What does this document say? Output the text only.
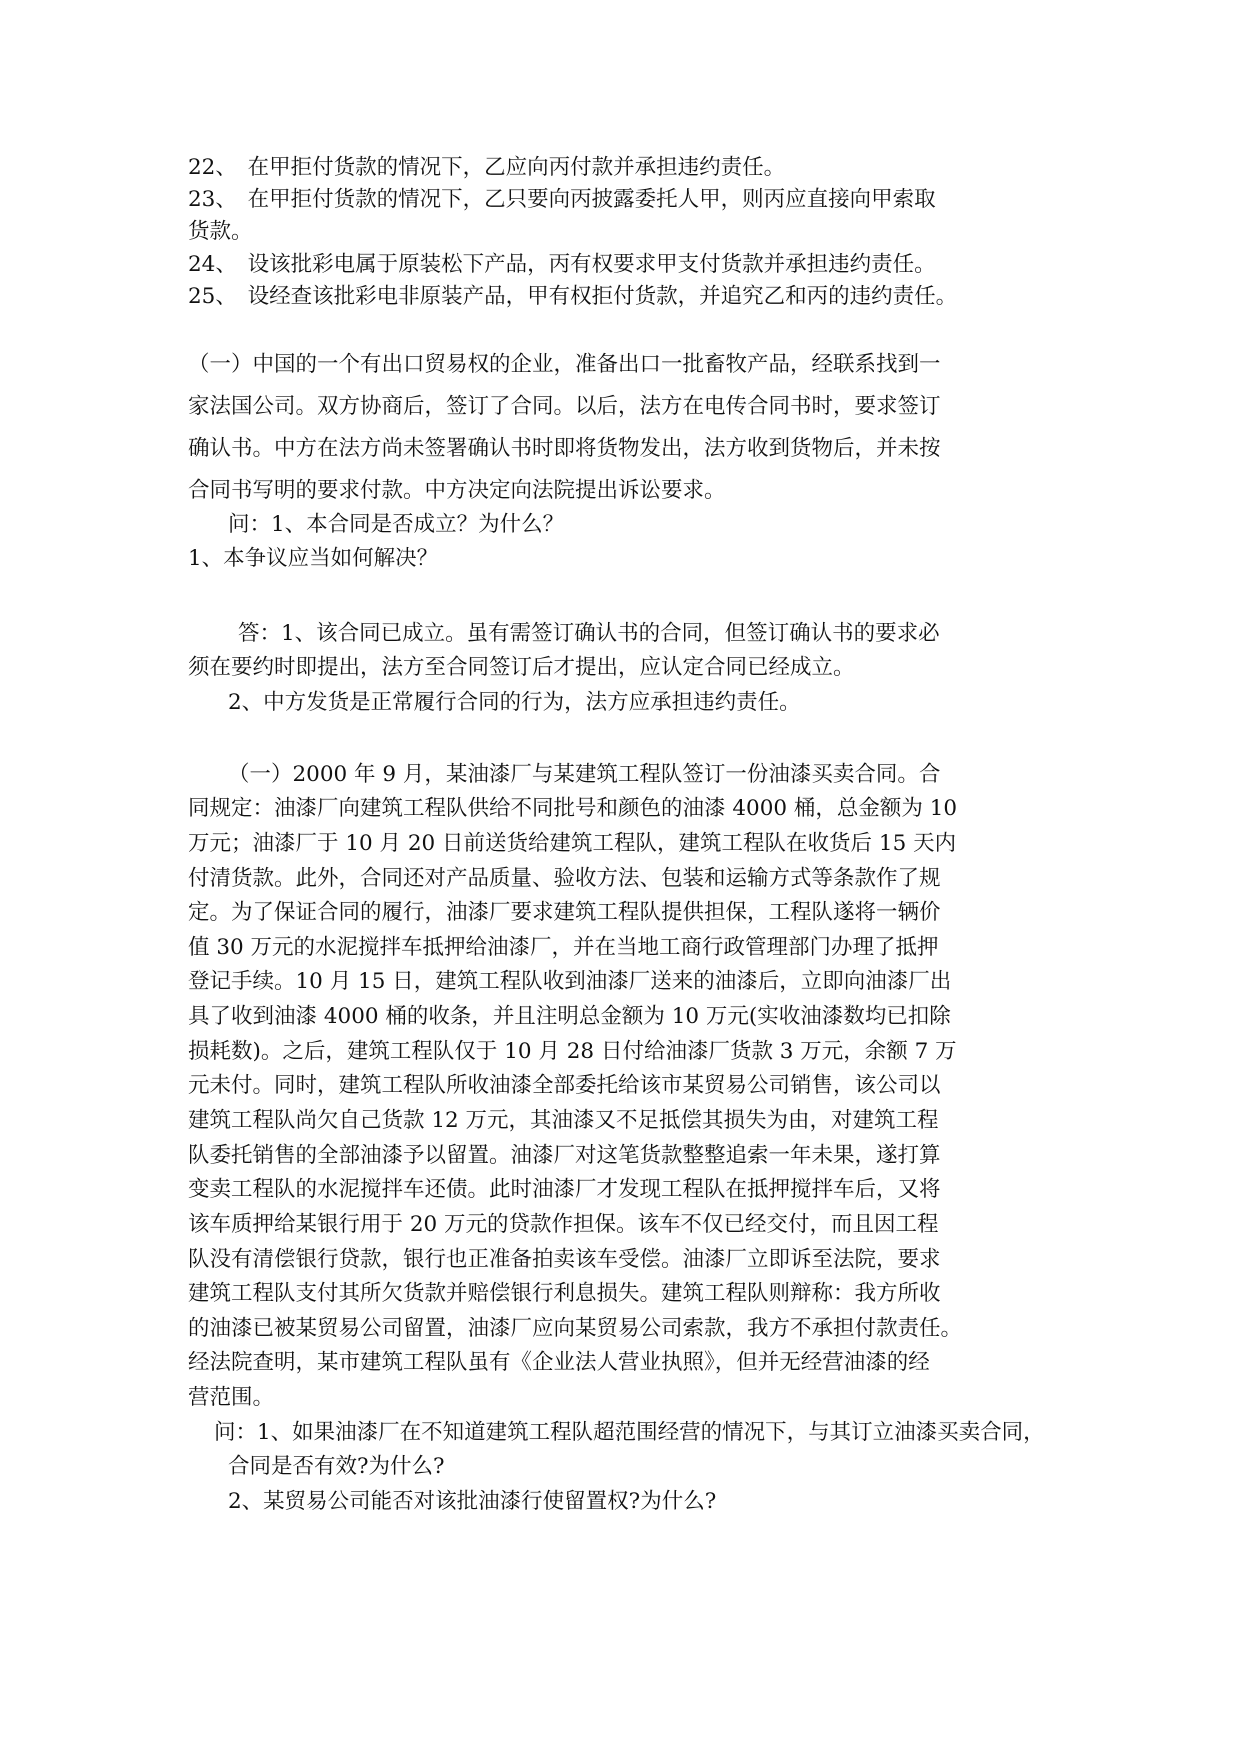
22、　在甲拒付货款的情况下，乙应向丙付款并承担违约责任。
23、　在甲拒付货款的情况下，乙只要向丙披露委托人甲，则丙应直接向甲索取
货款。
24、　设该批彩电属于原装松下产品，丙有权要求甲支付货款并承担违约责任。
25、　设经查该批彩电非原装产品，甲有权拒付货款，并追究乙和丙的违约责任。
（一）中国的一个有出口贸易权的企业，准备出口一批畜牧产品，经联系找到一
家法国公司。双方协商后，签订了合同。以后，法方在电传合同书时，要求签订
确认书。中方在法方尚未签署确认书时即将货物发出，法方收到货物后，并未按
合同书写明的要求付款。中方决定向法院提出诉讼要求。
问：1、本合同是否成立？为什么？
1、本争议应当如何解决？
答：1、该合同已成立。虽有需签订确认书的合同，但签订确认书的要求必
须在要约时即提出，法方至合同签订后才提出，应认定合同已经成立。
2、中方发货是正常履行合同的行为，法方应承担违约责任。
（一）2000 年 9 月，某油漆厂与某建筑工程队签订一份油漆买卖合同。合
同规定：油漆厂向建筑工程队供给不同批号和颜色的油漆 4000 桶，总金额为 10
万元；油漆厂于 10 月 20 日前送货给建筑工程队，建筑工程队在收货后 15 天内
付清货款。此外，合同还对产品质量、验收方法、包装和运输方式等条款作了规
定。为了保证合同的履行，油漆厂要求建筑工程队提供担保，工程队遂将一辆价
值 30 万元的水泥搅拌车抵押给油漆厂，并在当地工商行政管理部门办理了抵押
登记手续。10 月 15 日，建筑工程队收到油漆厂送来的油漆后，立即向油漆厂出
具了收到油漆 4000 桶的收条，并且注明总金额为 10 万元(实收油漆数均已扣除
损耗数)。之后，建筑工程队仅于 10 月 28 日付给油漆厂货款 3 万元，余额 7 万
元未付。同时，建筑工程队所收油漆全部委托给该市某贸易公司销售，该公司以
建筑工程队尚欠自己货款 12 万元，其油漆又不足抵偿其损失为由，对建筑工程
队委托销售的全部油漆予以留置。油漆厂对这笔货款整整追索一年未果，遂打算
变卖工程队的水泥搅拌车还债。此时油漆厂才发现工程队在抵押搅拌车后，又将
该车质押给某银行用于 20 万元的贷款作担保。该车不仅已经交付，而且因工程
队没有清偿银行贷款，银行也正准备拍卖该车受偿。油漆厂立即诉至法院，要求
建筑工程队支付其所欠货款并赔偿银行利息损失。建筑工程队则辩称：我方所收
的油漆已被某贸易公司留置，油漆厂应向某贸易公司索款，我方不承担付款责任。
经法院查明，某市建筑工程队虽有《企业法人营业执照》，但并无经营油漆的经
营范围。
问：1、如果油漆厂在不知道建筑工程队超范围经营的情况下，与其订立油漆买卖合同，
合同是否有效?为什么?
2、某贸易公司能否对该批油漆行使留置权?为什么?
